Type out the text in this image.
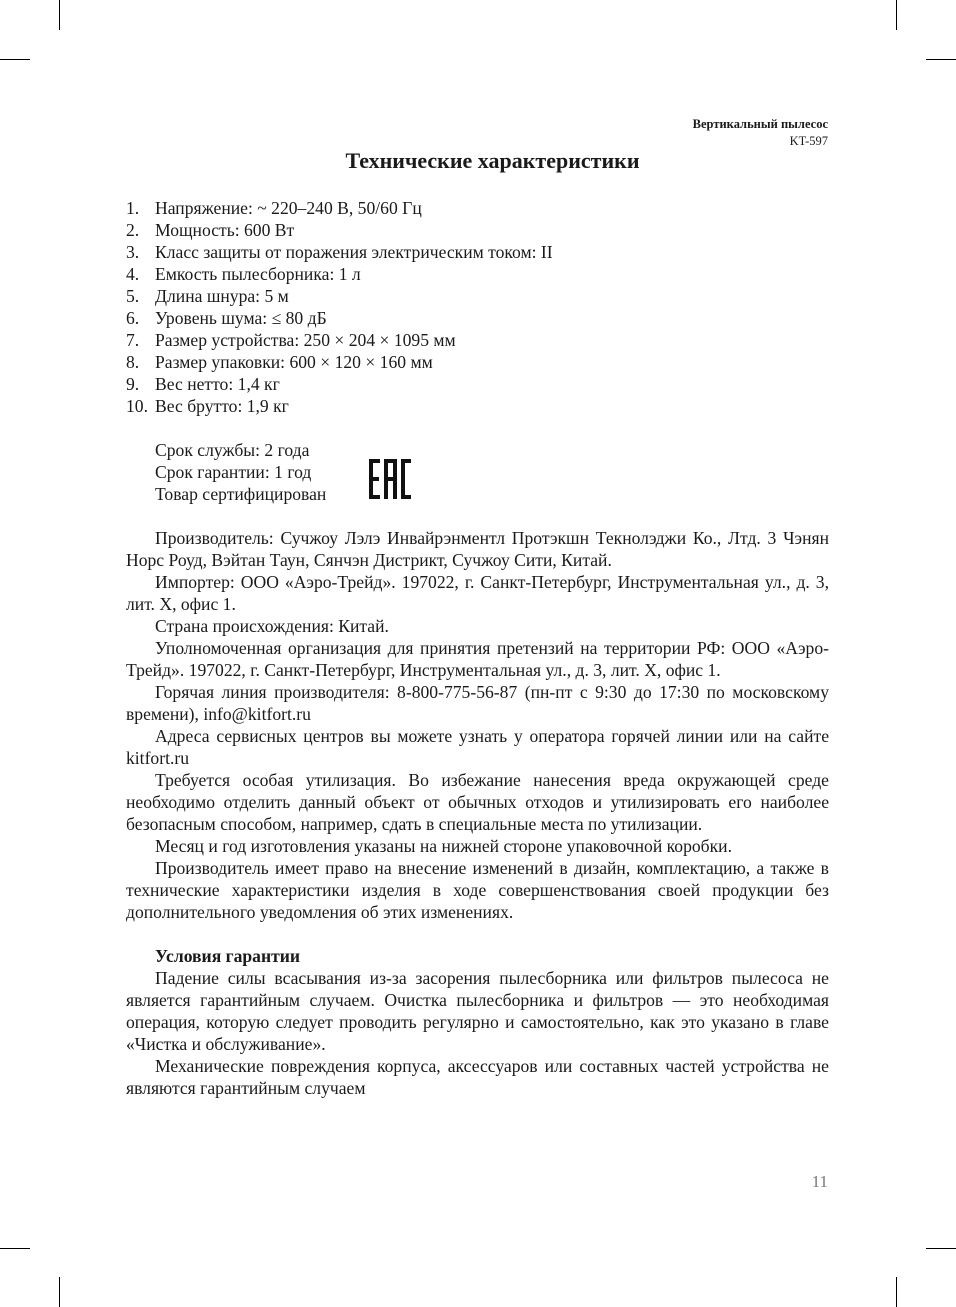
Вертикальный пылесос
KT-597
Технические характеристики
1. Напряжение: ~ 220–240 В, 50/60 Гц
2. Мощность: 600 Вт
3. Класс защиты от поражения электрическим током: II
4. Емкость пылесборника: 1 л
5. Длина шнура: 5 м
6. Уровень шума: ≤ 80 дБ
7. Размер устройства: 250 × 204 × 1095 мм
8. Размер упаковки: 600 × 120 × 160 мм
9. Вес нетто: 1,4 кг
10. Вес брутто: 1,9 кг
Срок службы: 2 года
Срок гарантии: 1 год
Товар сертифицирован

Производитель: Сучжоу Лэлэ Инвайрэнментл Протэкшн Текнолэджи Ко., Лтд. 3 Чэнян Норс Роуд, Вэйтан Таун, Сянчэн Дистрикт, Сучжоу Сити, Китай.

Импортер: ООО «Аэро-Трейд». 197022, г. Санкт-Петербург, Инструментальная ул., д. 3, лит. Х, офис 1.

Страна происхождения: Китай.

Уполномоченная организация для принятия претензий на территории РФ: ООО «Аэро-Трейд». 197022, г. Санкт-Петербург, Инструментальная ул., д. 3, лит. Х, офис 1.

Горячая линия производителя: 8-800-775-56-87 (пн-пт с 9:30 до 17:30 по московскому времени), info@kitfort.ru

Адреса сервисных центров вы можете узнать у оператора горячей линии или на сайте kitfort.ru

Требуется особая утилизация. Во избежание нанесения вреда окружающей среде необходимо отделить данный объект от обычных отходов и утилизировать его наиболее безопасным способом, например, сдать в специальные места по утилизации.

Месяц и год изготовления указаны на нижней стороне упаковочной коробки.

Производитель имеет право на внесение изменений в дизайн, комплектацию, а также в технические характеристики изделия в ходе совершенствования своей продукции без дополнительного уведомления об этих изменениях.

Условия гарантии

Падение силы всасывания из-за засорения пылесборника или фильтров пылесоса не является гарантийным случаем. Очистка пылесборника и фильтров — это необходимая операция, которую следует проводить регулярно и самостоятельно, как это указано в главе «Чистка и обслуживание».

Механические повреждения корпуса, аксессуаров или составных частей устройства не являются гарантийным случаем

11
